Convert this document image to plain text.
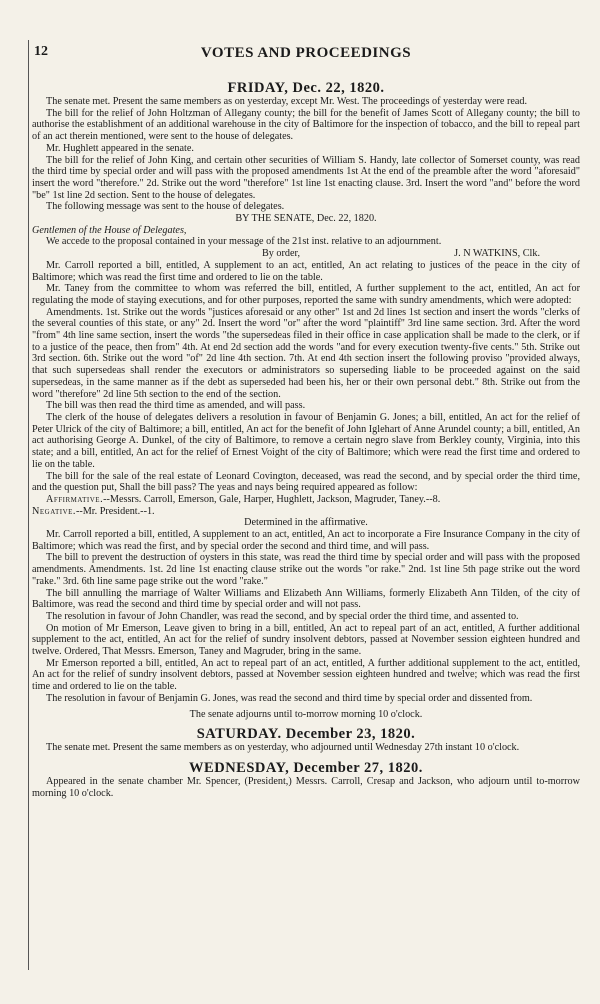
12	VOTES AND PROCEEDINGS
FRIDAY, Dec. 22, 1820.

The senate met. Present the same members as on yesterday, except Mr. West. The proceedings of yesterday were read.

The bill for the relief of John Holtzman of Allegany county; the bill for the benefit of James Scott of Allegany county; the bill to authorise the establishment of an additional warehouse in the city of Baltimore for the inspection of tobacco, and the bill to repeal part of an act therein mentioned, were sent to the house of delegates.

Mr. Hughlett appeared in the senate.

The bill for the relief of John King, and certain other securities of William S. Handy, late collector of Somerset county, was read the third time by special order and will pass with the proposed amendments 1st At the end of the preamble after the word "aforesaid" insert the word "therefore." 2d. Strike out the word "therefore" 1st line 1st enacting clause. 3rd. Insert the word "and" before the word "be" 1st line 2d section. Sent to the house of delegates.

The following message was sent to the house of delegates.

BY THE SENATE, Dec. 22, 1820.

Gentlemen of the House of Delegates,

We accede to the proposal contained in your message of the 21st inst. relative to an adjournment.

By order,	J. N WATKINS, Clk.

Mr. Carroll reported a bill, entitled, A supplement to an act, entitled, An act relating to justices of the peace in the city of Baltimore; which was read the first time and ordered to lie on the table.

Mr. Taney from the committee to whom was referred the bill, entitled, A further supplement to the act, entitled, An act for regulating the mode of staying executions, and for other purposes, reported the same with sundry amendments, which were adopted:

Amendments. 1st. Strike out the words "justices aforesaid or any other" 1st and 2d lines 1st section and insert the words "clerks of the several counties of this state, or any" 2d. Insert the word "or" after the word "plaintiff" 3rd line same section. 3rd. After the word "from" 4th line same section, insert the words "the supersedeas filed in their office in case application shall be made to the clerk, or if to a justice of the peace, then from" 4th. At end 2d section add the words "and for every execution twenty-five cents." 5th. Strike out 3rd section. 6th. Strike out the word "of" 2d line 4th section. 7th. At end 4th section insert the following proviso "provided always, that such supersedeas shall render the executors or administrators so superseding liable to be proceeded against on the said supersedeas, in the same manner as if the debt as superseded had been his, her or their own personal debt." 8th. Strike out from the word "therefore" 2d line 5th section to the end of the section.

The bill was then read the third time as amended, and will pass.

The clerk of the house of delegates delivers a resolution in favour of Benjamin G. Jones; a bill, entitled, An act for the relief of Peter Ulrick of the city of Baltimore; a bill, entitled, An act for the benefit of John Iglehart of Anne Arundel county; a bill, entitled, An act authorising George A. Dunkel, of the city of Baltimore, to remove a certain negro slave from Berkley county, Virginia, into this state; and a bill, entitled, An act for the relief of Ernest Voight of the city of Baltimore; which were read the first time and ordered to lie on the table.

The bill for the sale of the real estate of Leonard Covington, deceased, was read the second, and by special order the third time, and the question put, Shall the bill pass? The yeas and nays being required appeared as follow:

Affirmative.--Messrs. Carroll, Emerson, Gale, Harper, Hughlett, Jackson, Magruder, Taney.--8.

Negative.--Mr. President.--1.

Determined in the affirmative.

Mr. Carroll reported a bill, entitled, A supplement to an act, entitled, An act to incorporate a Fire Insurance Company in the city of Baltimore; which was read the first, and by special order the second and third time, and will pass.

The bill to prevent the destruction of oysters in this state, was read the third time by special order and will pass with the proposed amendments. Amendments. 1st. 2d line 1st enacting clause strike out the words "or rake." 2nd. 1st line 5th page strike out the word "rake." 3rd. 6th line same page strike out the word "rake."

The bill annulling the marriage of Walter Williams and Elizabeth Ann Williams, formerly Elizabeth Ann Tilden, of the city of Baltimore, was read the second and third time by special order and will not pass.

The resolution in favour of John Chandler, was read the second, and by special order the third time, and assented to.

On motion of Mr Emerson, Leave given to bring in a bill, entitled, An act to repeal part of an act, entitled, A further additional supplement to the act, entitled, An act for the relief of sundry insolvent debtors, passed at November session eighteen hundred and twelve. Ordered, That Messrs. Emerson, Taney and Magruder, bring in the same.

Mr Emerson reported a bill, entitled, An act to repeal part of an act, entitled, A further additional supplement to the act, entitled, An act for the relief of sundry insolvent debtors, passed at November session eighteen hundred and twelve; which was read the first time and ordered to lie on the table.

The resolution in favour of Benjamin G. Jones, was read the second and third time by special order and dissented from.

The senate adjourns until to-morrow morning 10 o'clock.

SATURDAY. December 23, 1820.

The senate met. Present the same members as on yesterday, who adjourned until Wednesday 27th instant 10 o'clock.

WEDNESDAY, December 27, 1820.

Appeared in the senate chamber Mr. Spencer, (President,) Messrs. Carroll, Cresap and Jackson, who adjourn until to-morrow morning 10 o'clock.
